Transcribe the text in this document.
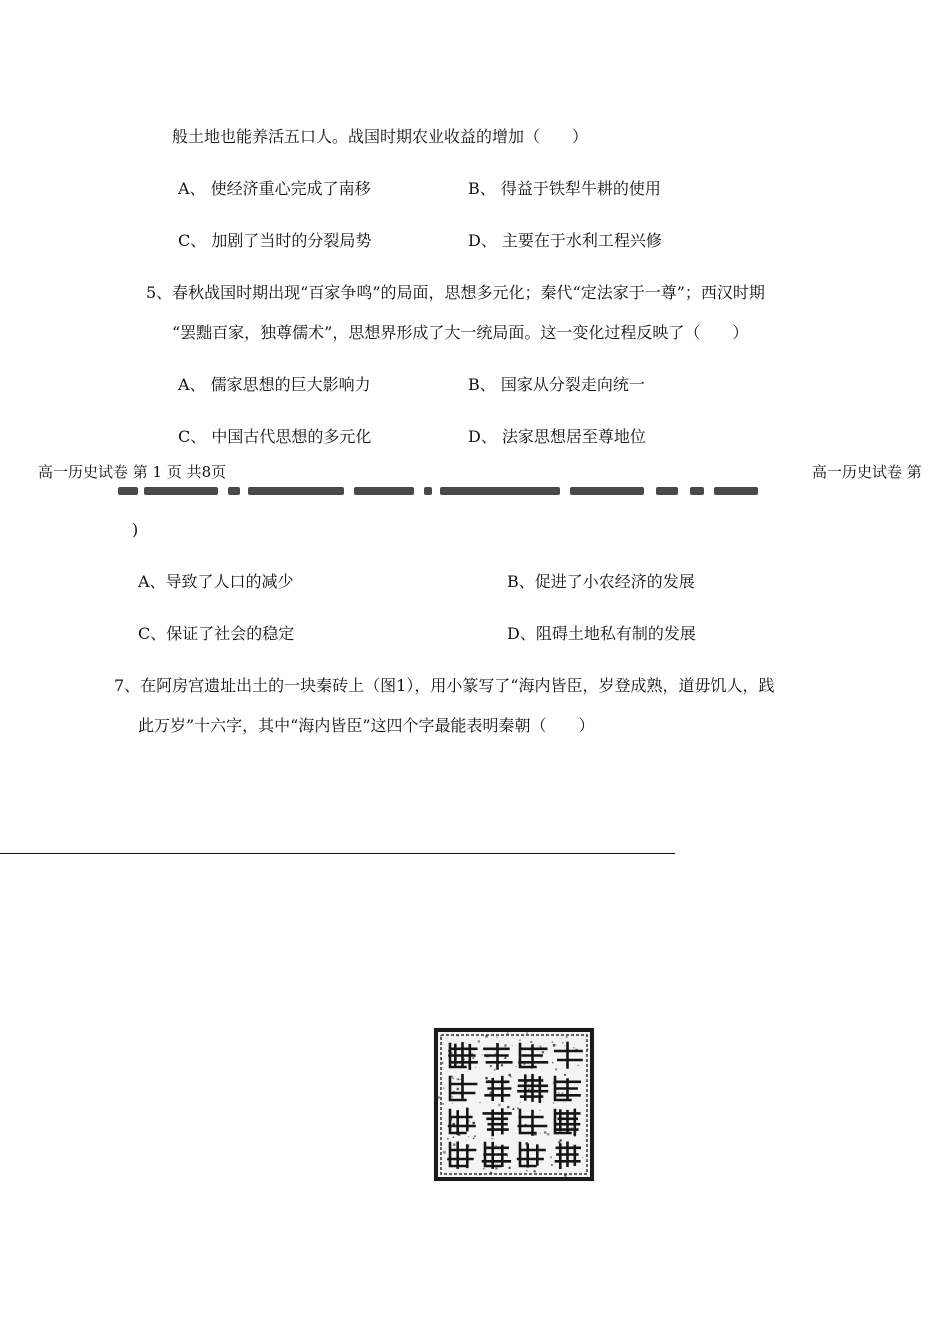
般土地也能养活五口人。战国时期农业收益的增加（　　）
A、 使经济重心完成了南移	B、 得益于铁犁牛耕的使用
C、 加剧了当时的分裂局势	D、 主要在于水利工程兴修
5、春秋战国时期出现“百家争鸣”的局面，思想多元化；秦代“定法家于一尊”；西汉时期
“罢黜百家，独尊儒术”，思想界形成了大一统局面。这一变化过程反映了（　　）
A、 儒家思想的巨大影响力	B、 国家从分裂走向统一
C、 中国古代思想的多元化	D、 法家思想居至尊地位
高一历史试卷 第 1 页 共8页	高一历史试卷 第
)
A、导致了人口的减少	B、促进了小农经济的发展
C、保证了社会的稳定	D、阻碍土地私有制的发展
7、在阿房宫遗址出土的一块秦砖上（图1），用小篆写了“海内皆臣，岁登成熟，道毋饥人，践
此万岁”十六字，其中“海内皆臣”这四个字最能表明秦朝（　　）
